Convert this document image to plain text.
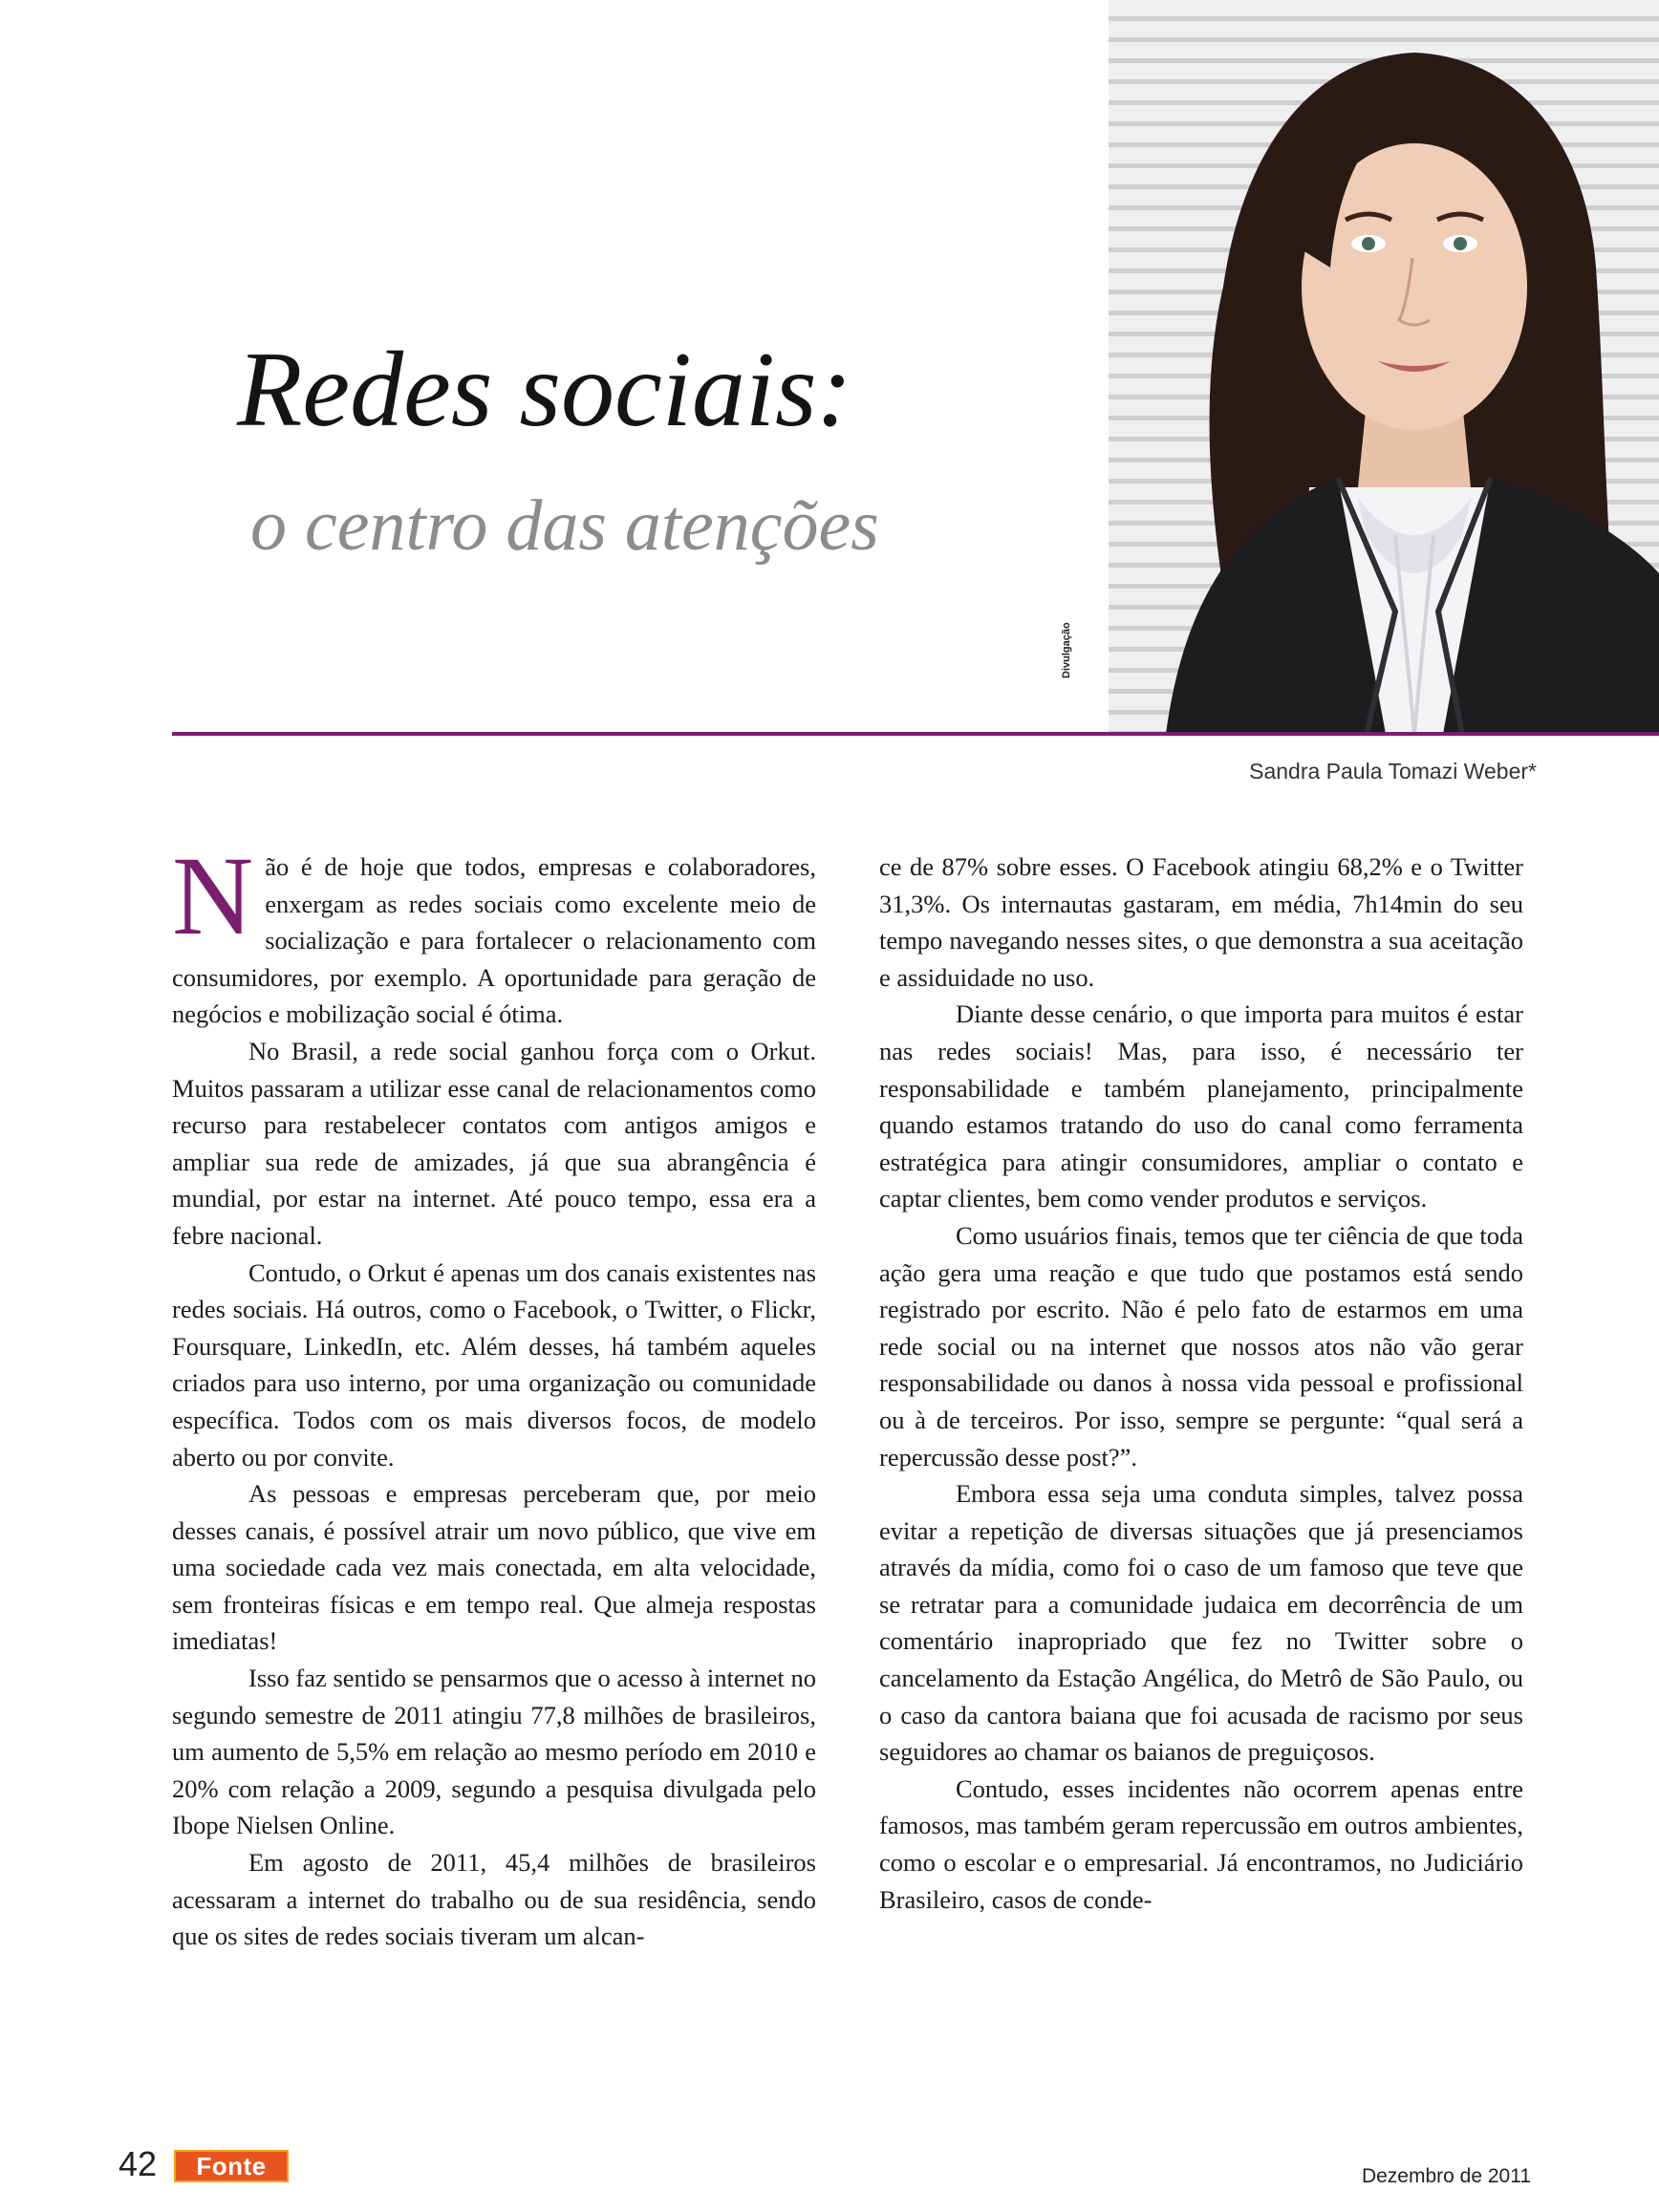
Divulgação
Redes sociais:
o centro das atenções
Sandra Paula Tomazi Weber*

Não é de hoje que todos, empresas e colaboradores, enxergam as redes sociais como excelente meio de socialização e para fortalecer o relacionamento com consumidores, por exemplo. A oportunidade para geração de negócios e mobilização social é ótima.

No Brasil, a rede social ganhou força com o Orkut. Muitos passaram a utilizar esse canal de relacionamentos como recurso para restabelecer contatos com antigos amigos e ampliar sua rede de amizades, já que sua abrangência é mundial, por estar na internet. Até pouco tempo, essa era a febre nacional.

Contudo, o Orkut é apenas um dos canais existentes nas redes sociais. Há outros, como o Facebook, o Twitter, o Flickr, Foursquare, LinkedIn, etc. Além desses, há também aqueles criados para uso interno, por uma organização ou comunidade específica. Todos com os mais diversos focos, de modelo aberto ou por convite.

As pessoas e empresas perceberam que, por meio desses canais, é possível atrair um novo público, que vive em uma sociedade cada vez mais conectada, em alta velocidade, sem fronteiras físicas e em tempo real. Que almeja respostas imediatas!

Isso faz sentido se pensarmos que o acesso à internet no segundo semestre de 2011 atingiu 77,8 milhões de brasileiros, um aumento de 5,5% em relação ao mesmo período em 2010 e 20% com relação a 2009, segundo a pesquisa divulgada pelo Ibope Nielsen Online.

Em agosto de 2011, 45,4 milhões de brasileiros acessaram a internet do trabalho ou de sua residência, sendo que os sites de redes sociais tiveram um alcan-

ce de 87% sobre esses. O Facebook atingiu 68,2% e o Twitter 31,3%. Os internautas gastaram, em média, 7h14min do seu tempo navegando nesses sites, o que demonstra a sua aceitação e assiduidade no uso.

Diante desse cenário, o que importa para muitos é estar nas redes sociais! Mas, para isso, é necessário ter responsabilidade e também planejamento, principalmente quando estamos tratando do uso do canal como ferramenta estratégica para atingir consumidores, ampliar o contato e captar clientes, bem como vender produtos e serviços.

Como usuários finais, temos que ter ciência de que toda ação gera uma reação e que tudo que postamos está sendo registrado por escrito. Não é pelo fato de estarmos em uma rede social ou na internet que nossos atos não vão gerar responsabilidade ou danos à nossa vida pessoal e profissional ou à de terceiros. Por isso, sempre se pergunte: “qual será a repercussão desse post?”.

Embora essa seja uma conduta simples, talvez possa evitar a repetição de diversas situações que já presenciamos através da mídia, como foi o caso de um famoso que teve que se retratar para a comunidade judaica em decorrência de um comentário inapropriado que fez no Twitter sobre o cancelamento da Estação Angélica, do Metrô de São Paulo, ou o caso da cantora baiana que foi acusada de racismo por seus seguidores ao chamar os baianos de preguiçosos.

Contudo, esses incidentes não ocorrem apenas entre famosos, mas também geram repercussão em outros ambientes, como o escolar e o empresarial. Já encontramos, no Judiciário Brasileiro, casos de conde-

42	Fonte	Dezembro de 2011
